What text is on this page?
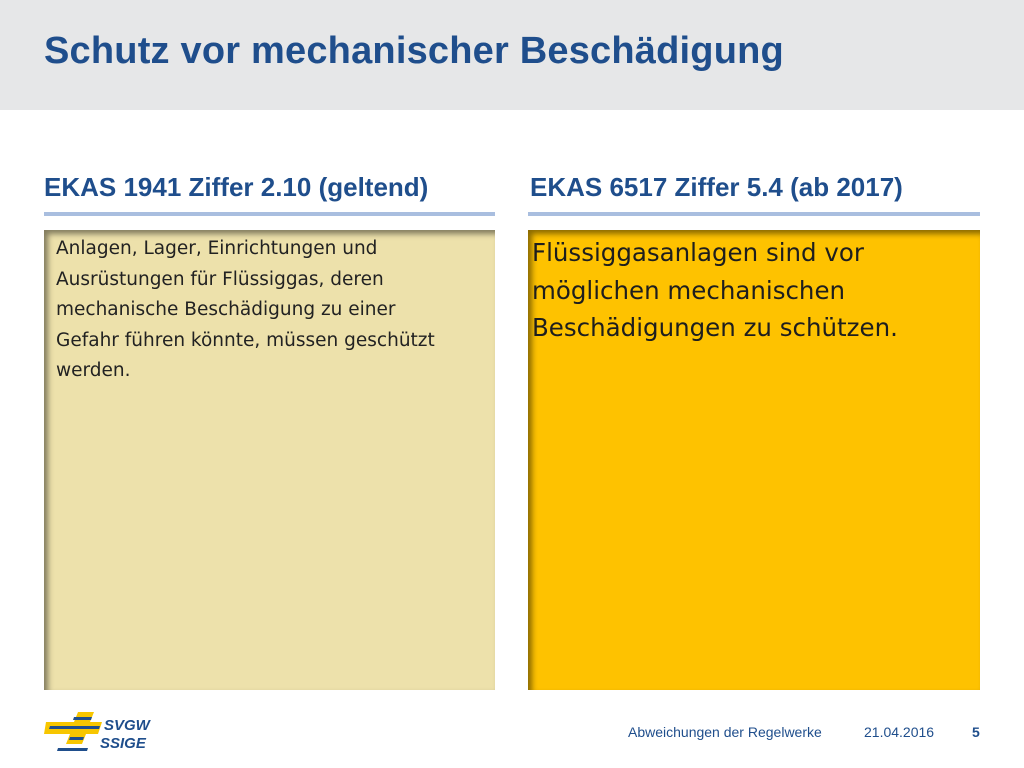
Schutz vor mechanischer Beschädigung
EKAS 1941 Ziffer 2.10 (geltend)
Anlagen, Lager, Einrichtungen und
Ausrüstungen für Flüssiggas, deren
mechanische Beschädigung zu einer
Gefahr führen könnte, müssen geschützt
werden.
EKAS 6517 Ziffer 5.4 (ab 2017)
Flüssiggasanlagen sind vor
möglichen mechanischen
Beschädigungen zu schützen.
SVGW
SSIGE
Abweichungen der Regelwerke	21.04.2016	5
